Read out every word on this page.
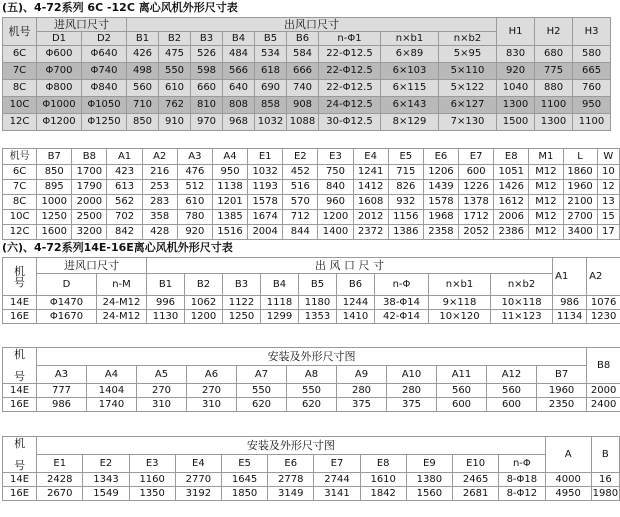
(五)、4-72系列 6C -12C 离心风机外形尺寸表
机号	进风口尺寸		出风口尺寸									H1	H2	H3
	D1	D2	B1	B2	B3	B4	B5	B6	n-Φ1	n×b1	n×b2			
6C	Φ600	Φ640	426	475	526	484	534	584	22-Φ12.5	6×89	5×95	830	680	580
7C	Φ700	Φ740	498	550	598	566	618	666	22-Φ12.5	6×103	5×110	920	775	665
8C	Φ800	Φ840	560	610	660	640	690	740	22-Φ12.5	6×115	5×122	1040	880	760
10C	Φ1000	Φ1050	710	762	810	808	858	908	24-Φ12.5	6×143	6×127	1300	1100	950
12C	Φ1200	Φ1250	850	910	970	968	1032	1088	30-Φ12.5	8×129	7×130	1500	1300	1100
机号	B7	B8	A1	A2	A3	A4	E1	E2	E3	E4	E5	E6	E7	E8	M1	L	W
6C	850	1700	423	216	476	950	1032	452	750	1241	715	1206	600	1051	M12	1860	10
7C	895	1790	613	253	512	1138	1193	516	840	1412	826	1439	1226	1426	M12	1960	12
8C	1000	2000	562	283	610	1201	1578	570	960	1608	932	1578	1378	1612	M12	2100	13
10C	1250	2500	702	358	780	1385	1674	712	1200	2012	1156	1968	1712	2006	M12	2700	15
12C	1600	3200	842	428	920	1516	2004	844	1400	2372	1386	2358	2052	2386	M12	3400	17
(六)、4-72系列14E-16E离心风机外形尺寸表
机
号	进风口尺寸		出 风 口 尺 寸									A1	A2
	D	n-M	B1	B2	B3	B4	B5	B6	n-Φ	n×b1	n×b2		
14E	Φ1470	24-M12	996	1062	1122	1118	1180	1244	38-Φ14	9×118	10×118	986	1076
16E	Φ1670	24-M12	1130	1200	1250	1299	1353	1410	42-Φ14	10×120	11×123	1134	1230
机

号	安装及外形尺寸图											B8
	A3	A4	A5	A6	A7	A8	A9	A10	A11	A12	B7	
14E	777	1404	270	270	550	550	280	280	560	560	1960	2000
16E	986	1740	310	310	620	620	375	375	600	600	2350	2400
机

号	安装及外形尺寸图											A	B
	E1	E2	E3	E4	E5	E6	E7	E8	E9	E10	n-Φ		
14E	2428	1343	1160	2770	1645	2778	2744	1610	1380	2465	8-Φ18	4000	16
16E	2670	1549	1350	3192	1850	3149	3141	1842	1560	2681	8-Φ12	4950	1980
